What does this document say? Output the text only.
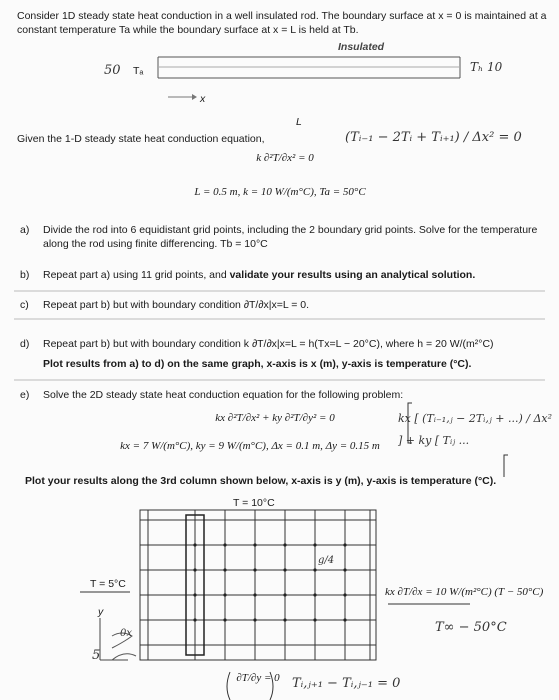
Consider 1D steady state heat conduction in a well insulated rod. The boundary surface at x = 0 is maintained at a
constant temperature Ta while the boundary surface at x = L is held at Tb.
Insulated
50 Tₐ	Tₕ 10
x
L
Given the 1-D steady state heat conduction equation,
k ∂²T/∂x² = 0
(Tᵢ₋₁ − 2Tᵢ + Tᵢ₊₁) / Δx² = 0
L = 0.5 m, k = 10 W/(m°C), Ta = 50°C
a) Divide the rod into 6 equidistant grid points, including the 2 boundary grid points. Solve for the temperature
along the rod using finite differencing. Tb = 10°C
b) Repeat part a) using 11 grid points, and validate your results using an analytical solution.
c) Repeat part b) but with boundary condition ∂T/∂x|x=L = 0.
d) Repeat part b) but with boundary condition k ∂T/∂x|x=L = h(Tx=L − 20°C), where h = 20 W/(m²°C)
Plot results from a) to d) on the same graph, x-axis is x (m), y-axis is temperature (°C).
e) Solve the 2D steady state heat conduction equation for the following problem:
kx ∂²T/∂x² + ky ∂²T/∂y² = 0
kx = 7 W/(m°C), ky = 9 W/(m°C), Δx = 0.1 m, Δy = 0.15 m
kx [ (Tᵢ₋₁,ⱼ − 2Tᵢ,ⱼ + ...) / Δx² ] + ky [ Tᵢⱼ ...
Plot your results along the 3rd column shown below, x-axis is y (m), y-axis is temperature (°C).
T = 10°C
T = 5°C
y
5
0x
g/4
kx ∂T/∂x = 10 W/(m²°C) (T − 50°C)
T∞ − 50°C
∂T/∂y = 0 Tᵢ,ⱼ₊₁ − Tᵢ,ⱼ₋₁ = 0
